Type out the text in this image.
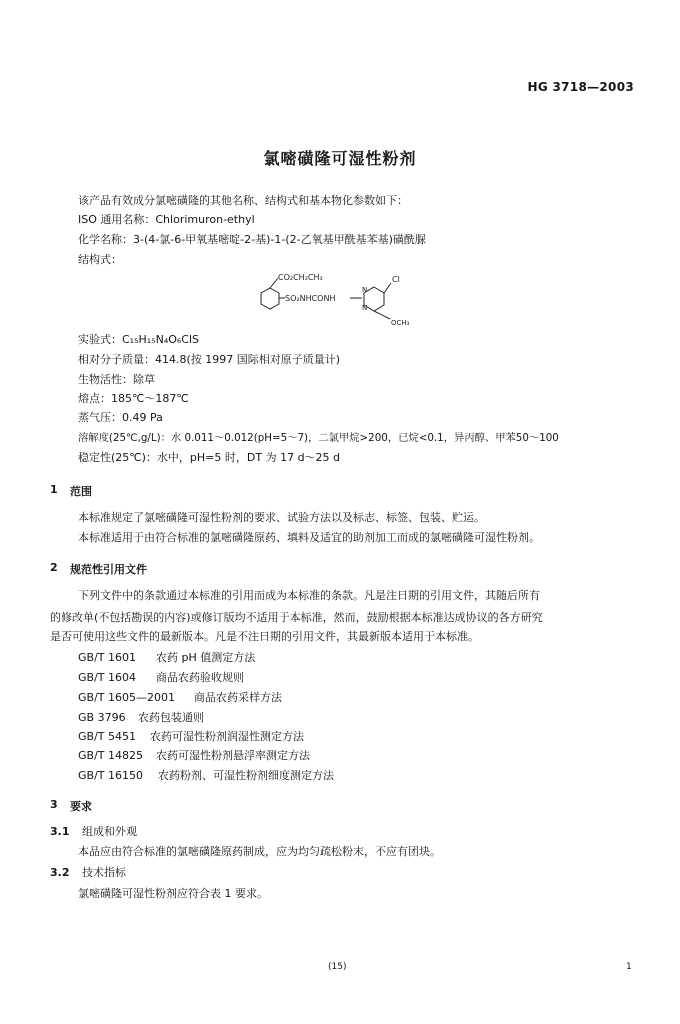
HG 3718—2003
氯嘧磺隆可湿性粉剂
该产品有效成分氯嘧磺隆的其他名称、结构式和基本物化参数如下：
ISO 通用名称：Chlorimuron-ethyl
化学名称：3-(4-氯-6-甲氧基嘧啶-2-基)-1-(2-乙氧基甲酰基苯基)磺酰脲
结构式：
CO₂CH₂CH₃
SO₂NHCONH
N
N
Cl
OCH₃
实验式：C₁₅H₁₅N₄O₆ClS
相对分子质量：414.8(按 1997 国际相对原子质量计)
生物活性：除草
熔点：185℃～187℃
蒸气压：0.49 Pa
溶解度(25℃,g/L)：水 0.011～0.012(pH=5～7)，二氯甲烷>200，已烷<0.1，异丙醇、甲苯50～100
稳定性(25℃)：水中，pH=5 时，DT 为 17 d～25 d
1 范围
本标准规定了氯嘧磺隆可湿性粉剂的要求、试验方法以及标志、标签、包装、贮运。
本标准适用于由符合标准的氯嘧磺隆原药、填料及适宜的助剂加工而成的氯嘧磺隆可湿性粉剂。
2 规范性引用文件
下列文件中的条款通过本标准的引用而成为本标准的条款。凡是注日期的引用文件，其随后所有
的修改单(不包括勘误的内容)或修订版均不适用于本标准，然而，鼓励根据本标准达成协议的各方研究
是否可使用这些文件的最新版本。凡是不注日期的引用文件，其最新版本适用于本标准。
GB/T 1601 农药 pH 值测定方法
GB/T 1604 商品农药验收规则
GB/T 1605—2001 商品农药采样方法
GB 3796 农药包装通则
GB/T 5451 农药可湿性粉剂润湿性测定方法
GB/T 14825 农药可湿性粉剂悬浮率测定方法
GB/T 16150 农药粉剂、可湿性粉剂细度测定方法
3 要求
3.1 组成和外观
本品应由符合标准的氯嘧磺隆原药制成，应为均匀疏松粉末，不应有团块。
3.2 技术指标
氯嘧磺隆可湿性粉剂应符合表 1 要求。
(15)	1
